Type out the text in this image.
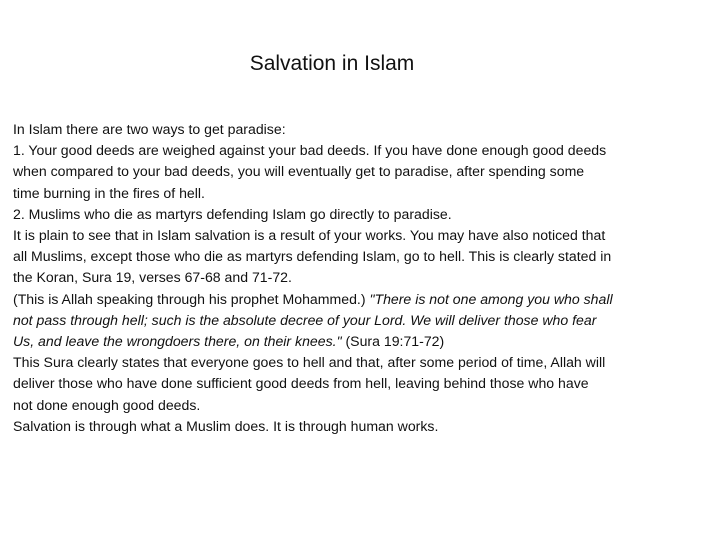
Salvation in Islam
In Islam there are two ways to get paradise:
1. Your good deeds are weighed against your bad deeds. If you have done enough good deeds
when compared to your bad deeds, you will eventually get to paradise, after spending some
time burning in the fires of hell.
2. Muslims who die as martyrs defending Islam go directly to paradise.
It is plain to see that in Islam salvation is a result of your works. You may have also noticed that
all Muslims, except those who die as martyrs defending Islam, go to hell. This is clearly stated in
the Koran, Sura 19, verses 67-68 and 71-72.
(This is Allah speaking through his prophet Mohammed.) "There is not one among you who shall
not pass through hell; such is the absolute decree of your Lord. We will deliver those who fear
Us, and leave the wrongdoers there, on their knees." (Sura 19:71-72)
This Sura clearly states that everyone goes to hell and that, after some period of time, Allah will
deliver those who have done sufficient good deeds from hell, leaving behind those who have
not done enough good deeds.
Salvation is through what a Muslim does. It is through human works.
